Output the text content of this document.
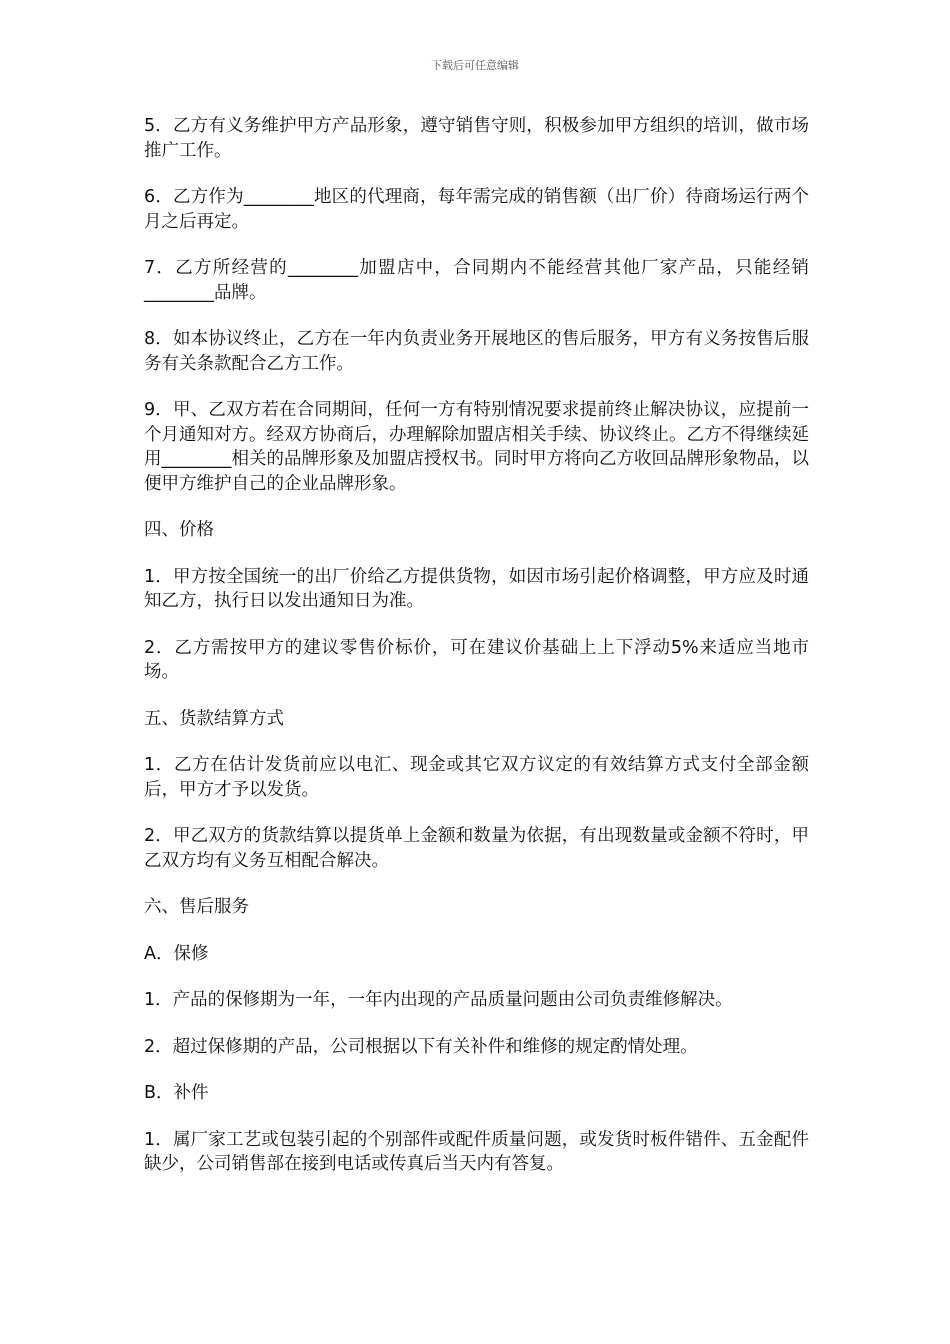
下载后可任意编辑

5．乙方有义务维护甲方产品形象，遵守销售守则，积极参加甲方组织的培训，做市场推广工作。

6．乙方作为________地区的代理商，每年需完成的销售额（出厂价）待商场运行两个月之后再定。

7．乙方所经营的________加盟店中，合同期内不能经营其他厂家产品，只能经销________品牌。

8．如本协议终止，乙方在一年内负责业务开展地区的售后服务，甲方有义务按售后服务有关条款配合乙方工作。

9．甲、乙双方若在合同期间，任何一方有特别情况要求提前终止解决协议，应提前一个月通知对方。经双方协商后，办理解除加盟店相关手续、协议终止。乙方不得继续延用________相关的品牌形象及加盟店授权书。同时甲方将向乙方收回品牌形象物品，以便甲方维护自己的企业品牌形象。

四、价格

1．甲方按全国统一的出厂价给乙方提供货物，如因市场引起价格调整，甲方应及时通知乙方，执行日以发出通知日为准。

2．乙方需按甲方的建议零售价标价，可在建议价基础上上下浮动5%来适应当地市场。

五、货款结算方式

1．乙方在估计发货前应以电汇、现金或其它双方议定的有效结算方式支付全部金额后，甲方才予以发货。

2．甲乙双方的货款结算以提货单上金额和数量为依据，有出现数量或金额不符时，甲乙双方均有义务互相配合解决。

六、售后服务

A．保修

1．产品的保修期为一年，一年内出现的产品质量问题由公司负责维修解决。

2．超过保修期的产品，公司根据以下有关补件和维修的规定酌情处理。

B．补件

1．属厂家工艺或包装引起的个别部件或配件质量问题，或发货时板件错件、五金配件缺少，公司销售部在接到电话或传真后当天内有答复。
